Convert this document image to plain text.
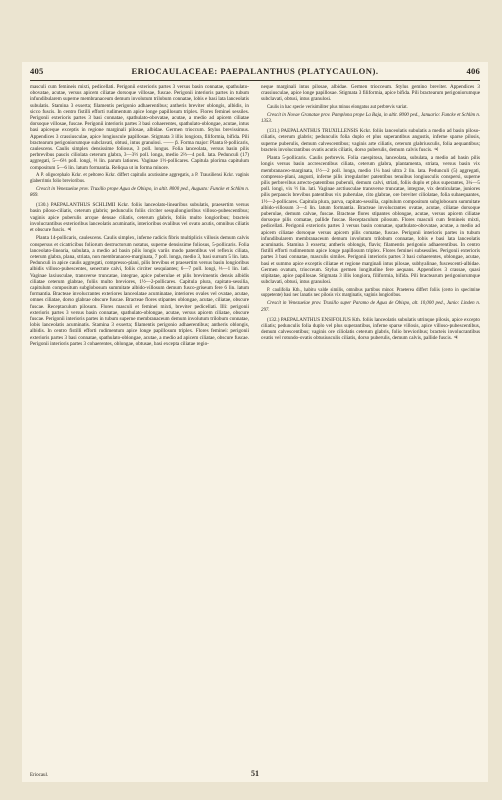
405	ERIOCAULACEAE: PAEPALANTHUS (PLATYCAULON).	406

masculi cum femineis mixti, pedicellati. Perigonii exterioris partes 3 versus basin connatae, spathulato-obovatae, acutae, versus apicem ciliatae dorsoque villosae, fuscae. Perigonii interioris partes in tubum infundibularem superne membranaceum demum involutum trilobum connatae, lobis e basi lata lanceolatis subulatis. Stamina 3 exserta; filamentis perigonio adhaerentibus; antheris breviter oblongis, albidis, in sicco fuscis. In centro fistilli efforti rudimentum apice longe papillosum triplex. Flores feminei sessiles. Perigonii exterioris partes 3 basi connatae, spathulato-obovatae, acutae, a medio ad apicem ciliatae dorsoque villosae, fuscae. Perigonii interioris partes 3 basi cohaerentes, spathulato-oblongae, acutae, intus basi apiceque exceptis in regione marginali pilosae, albidae. Germen trioccum. Stylus brevissimus. Appendices 3 crassiusculae, apice longiuscule papillosae. Stigmata 3 illis longiora, filiformia, bifida. Pili bractearum perigoniorumque subclavati, obtusi, intus granulosi. —— β. Forma major: Planta 8-pollicaris, caulescens. Caulis simplex densissime foliosus, 3 poll. longus. Folia lanceolata, versus basin pilis perbrevibus paucis ciliolata ceterum glabra, 3—3½ poll. longa, medio 2⅔—4 poll. lata. Pedunculi (17) aggregati, 5—6⅓ poll. longi, ⅓ lin. parum latiores. Vaginae 1½-pollicares. Capitula plorima capitulum compositum 5—6 lin. latum formantia. Reliqua ut in forma minore.

A P. oligocephalo Kckr. et peltoreo Kckr. differt capitulis acutissime aggregatis, a P. Trausiliensi Kckr. vaginis glaberrimis folio brevioribus.

Crescit in Venezuelae prov. Truxillo prope Agua de Obispo, in altit. 8000 ped., Augusto: Funcke et Schlim n. 869.

(130.) PAEPALANTHUS SCHLIMII Kckr. foliis lanceolato-linearibus subulatis, praesertim versus basin piloso-ciliatis, ceterum glabris; pedunculis foliis circiter sesquilongioribus villoso-pubescentibus; vaginis apice puberulis arcque densae ciliatis, ceterum glabris, foliis multo longioribus; bracteis involucrantibus exterioribus lanceolatis acuminatis, interioribus ovalibus vel ovato acutis, omnibus ciliatis et obscure fuscis. ♃

Planta 14-pollicaris, caulescens. Caulis simplex, inferne radicis fibris multiplicis villosis demum calvis conspersus et cicatricibus foliorum destructorum notatus, superne densissime foliosus, 5-pollicaris. Folia lanceolato-linearia, subulata, a medio ad basin pilis longis variis modo patentibus vel reflexis ciliata, ceterum glabra, plana, striata, non membranaceo-marginata, 7 poll. longa, medio 3, basi sursum 5 lin. lata. Pedunculi in apice caulis aggregati, compresso-plani, pilis brevibus et praesertim versus basin longioribus albidis villoso-pubescentes, senectute calvi, foliis circiter sesquiantes; 6—7 poll. longi, ⅓—1 lin. lati. Vaginae laxiusculae, transverse truncatae, integrae, apice puberulae et pilis brevimentis densis albidis ciliatae ceterum glabrae, foliis multo breviores, 1½—2-pollicares. Capitula plura, capitato-sessilia, capitulum compositum subglobosum summitate albido-villosum demum fusco-griseum fere 6 lin. latum formantia. Bracteae involucrantes exteriores lanceolatae acuminatae, interiores ovales vel ovatae, acutae, omnes ciliatae, dorso glabrae obscure fuscae. Bracteae flores stipantes oblongae, acutae, ciliatae, obscure fuscae. Receptaculum pilosum. Flores masculi et feminei mixti, breviter pedicellati. Illi: perigonii exterioris partes 3 versus basin connatae, spathulato-oblongae, acutae, versus apicem ciliatae, obscure fuscae. Perigonii interioris partes in tubum superne membranaceum demum involutum trilobum connatae, lobis lanceolatis acuminatis. Stamina 3 exserta; filamentis perigonio adhaerentibus; antheris oblongis, albidis. In centro fistilli efforti rudimentum apice longe papillosum triplex. Flores feminei: perigonii exterioris partes 3 basi connatae, spathulato-oblongae, acutae, a medio ad apicem ciliatae, obscure fuscae. Perigonii interioris partes 3 cohaerentes, oblongae, obtusae, basi excepta ciliatae regio-

neque marginali intus pilosae, albidae. Germen triocceum. Stylus gemino breviter. Appendices 3 crassiusculae, apice longe papillosae. Stigmata 3 filiformia, apice bifida. Pili bractearum perigoniorumque subclavati, obtusi, intus granulosi.

Caulis in hac specie verisimiliter plus minus elongatus aut perbrevis variat.

Crescit in Novae Granatae prov. Pamplona prope La Baja, in altit. 8000 ped., Januario: Funcke et Schlim n. 1353.

(131.) PAEPALANTHUS TRUXILLENSIS Kckr. foliis lanceolatis subulatis a medio ad basin piloso-ciliatis, ceterum glabris; pedunculis folia duplo et plus superantibus angustis, inferne sparse pilosis, superne puberulis, demum calvescentibus; vaginis arte ciliatis, ceterum glabriusculis, folia aequantibus; bracteis involucrantibus ovatis acutis ciliatis, dorso puberulis, demum calvis fuscis. ♃

Planta 5-pollicaris. Caulis perbrevis. Folia caespitosa, lanceolata, subulata, a medio ad basin pilis longis versus basin accrescentibus ciliata, ceterum glabra, plantamenta, striata, versus basin vix membranaceo-marginata, 1½—2 poll. longa, medio 1¼ basi ultra 2 lin. lata. Pedunculi (5) aggregati, compresso-plani, angusti, inferne pilis irregulariter patentibus tenuibus longiusculis conspersi, superne pilis perbrevibus arrecto-patentibus puberuli, demum calvi, striati, foliis duplo et plus superantes, 3¼—5 poll. longi, vix ½ lin. lati. Vaginae arctiusculae transverse truncatae, integrae, vix denticulatae, juniores pilis perpaucis brevibus patentibus vix puberulae, cito glabrae, ore breviter ciliolatae, folia subaequantes, 1½—2-pollicares. Capitula plura, parva, capitato-sessilia, capitulum compositum subglobosum summitate albido-villosum 3—4 lin. latum formantia. Bracteae involucrantes ovatae, acutae, ciliatae dorsoque puberulae, demum calvae, fuscae. Bracteae flores stipantes oblongae, acutae, versus apicem ciliatae dorsoque pilis comatae, pallide fuscae. Receptaculum pilosum. Flores masculi cum femineis mixti, pedicellati. Perigonii exterioris partes 3 versus basin connatae, spathulato-obovatae, acutae, a medio ad apicem ciliatae dorsoque versus apicem pilis comatae, fuscae. Perigonii interioris partes in tubum infundibularem membranaceum demum involutum trilobum connatae, lobis e basi lata lanceolatis acuminatis. Stamina 3 exserta; antheris oblongis, flavis; filamentis perigonio adhaerentibus. In centro fistilli efforti rudimentum apice longe papillosum triplex. Flores feminei subsessiles. Perigonii exterioris partes 3 basi connatae, masculis similes. Perigonii interioris partes 3 basi cohaerentes, oblongae, acutae, basi et summo apice exceptis ciliatae et regione marginali intus pilosae, subhyalinae, fuscescenti-albidae. Germen ovatum, triocceum. Stylus germen longitudine fere aequans. Appendices 3 crassae, quasi stipitatae, apice papillosae. Stigmata 3 illis longiora, filiformia, bifida. Pili bractearum perigoniorumque subclavati, obtusi, intus granulosi.

P. caulifolia Kth., habitu valde similis, omnibus partibus minor. Praeterea differt foliis (certo in specimine suppetente) basi nec lanatis nec pilosis vix marginatis, vaginis longioribus.

Crescit in Venezuelae prov. Truxillo super Paramo de Agua de Obispo, alt. 10,000 ped., Junio: Linden n. 297.

(132.) PAEPALANTHUS ENSIFOLIUS Kth. foliis lanceolatis subulatis utrinque pilosis, apice excepto ciliatis; pedunculis folia duplo vel plus superantibus, inferne sparse villosis, apice villoso-pubescentibus, demum calvescentibus; vaginis ore ciliolatis ceterum glabris, folio brevioribus; bracteis involucrantibus ovatis vel rotundo-ovatis obtusiusculis ciliatis, dorso puberulis, demum calvis, pallide fuscis. ♃

Eriocaul.	51
